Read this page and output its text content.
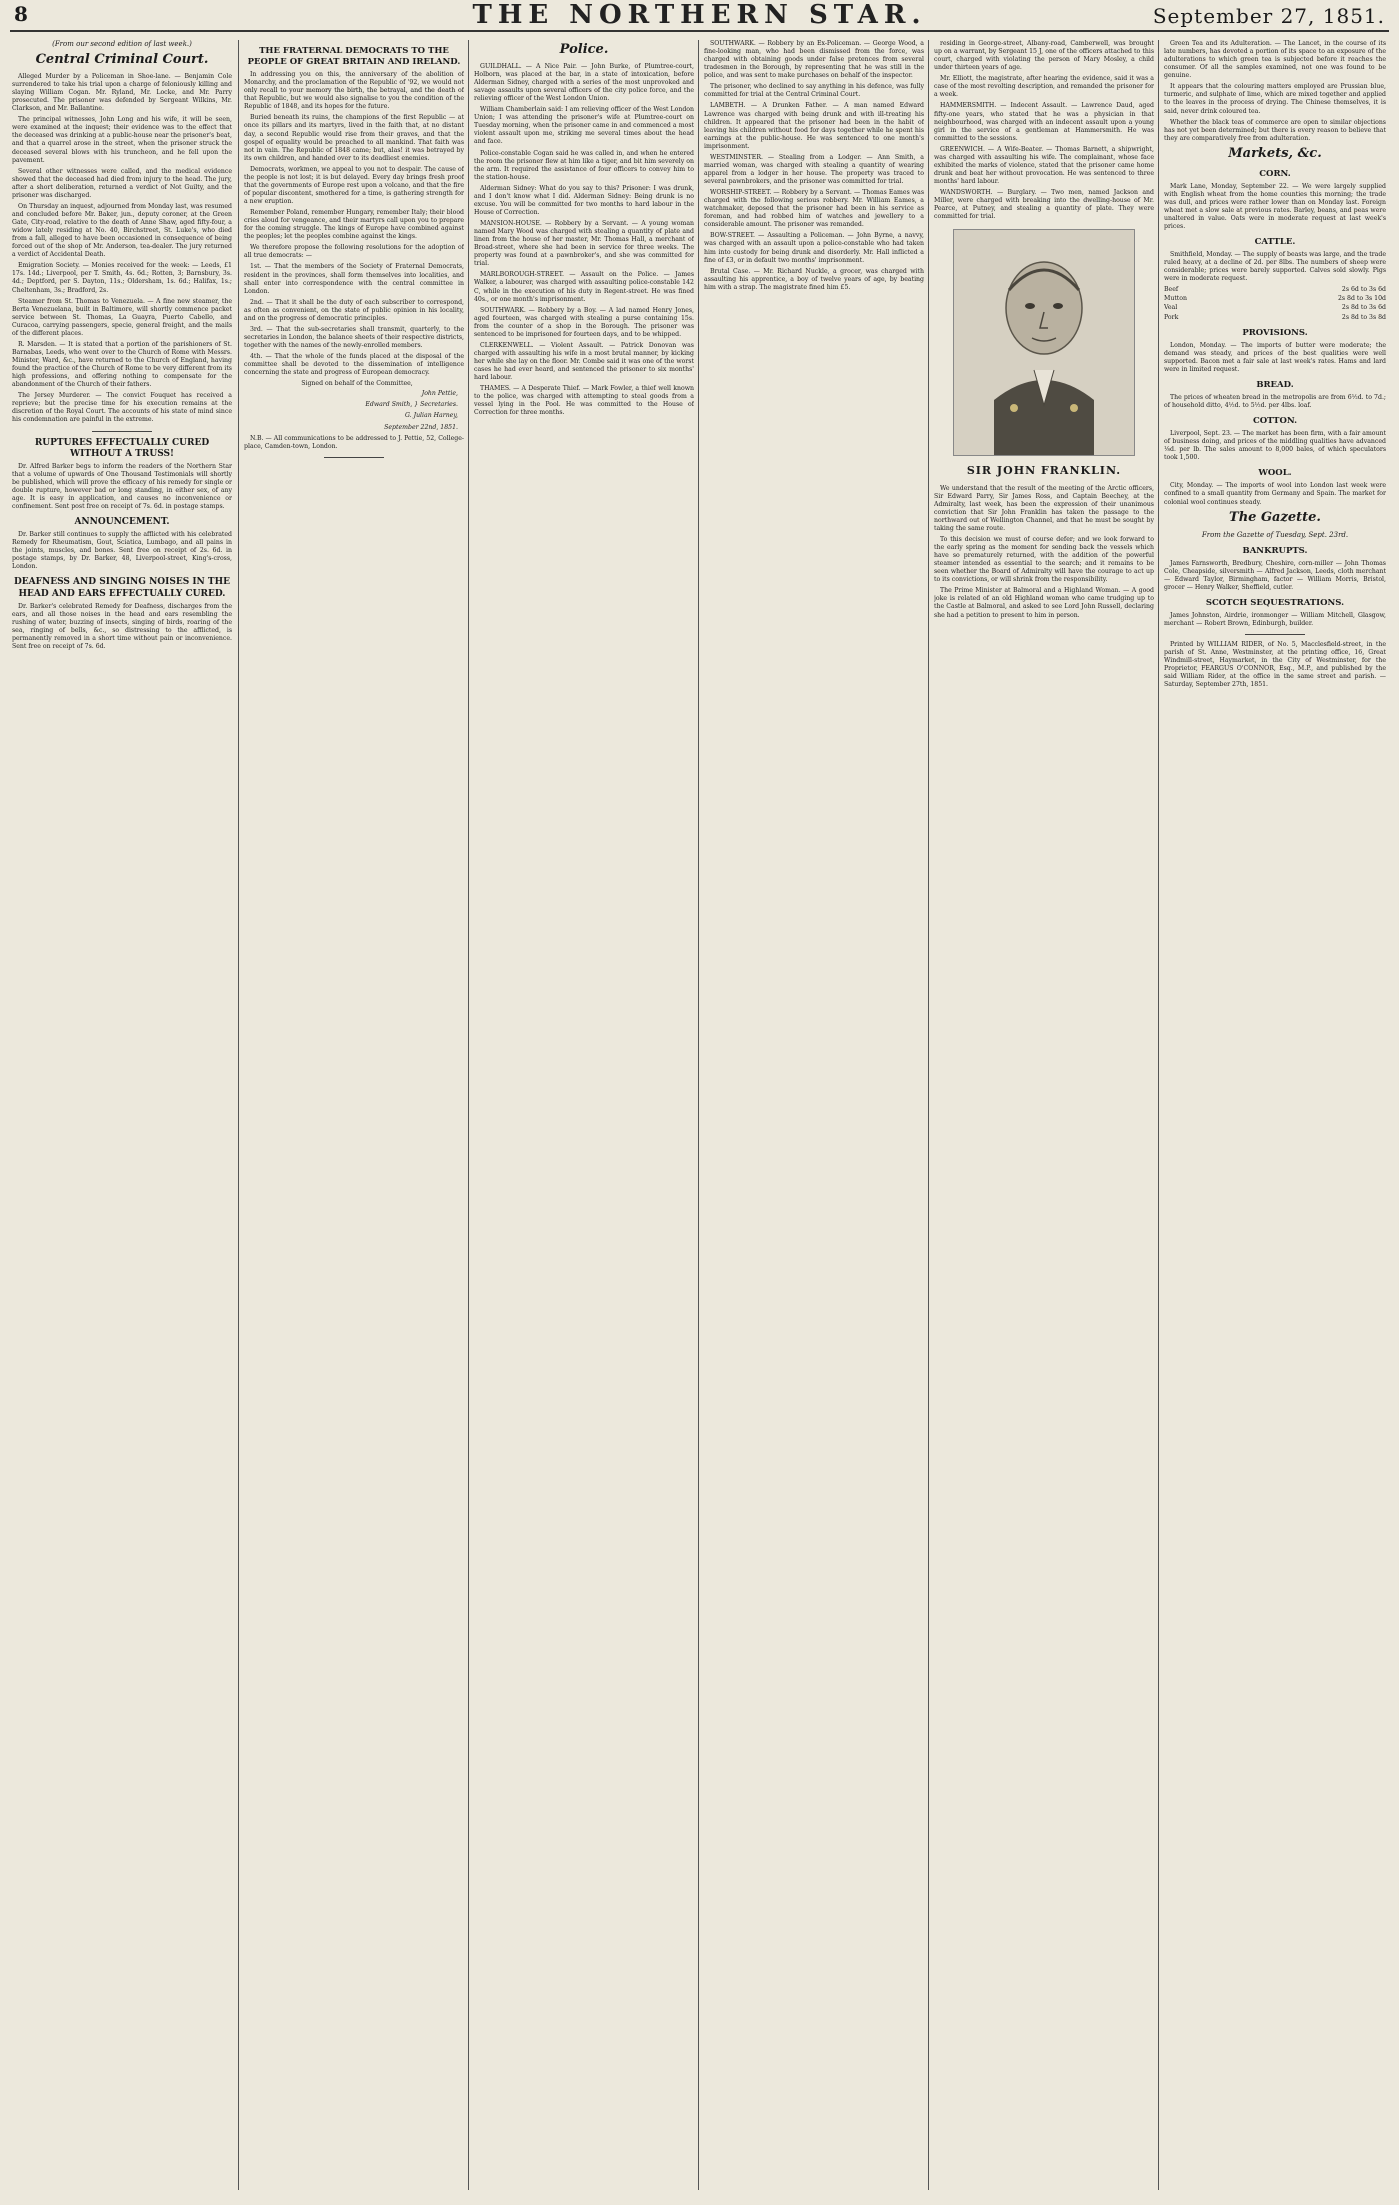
8	THE NORTHERN STAR.	September 27, 1851.
(From our second edition of last week.)
Central Criminal Court.

Alleged Murder by a Policeman in Shoe-lane. — Benjamin Cole surrendered to take his trial upon a charge of feloniously killing and slaying William Cogan. Mr. Ryland, Mr. Locke, and Mr. Parry prosecuted. The prisoner was defended by Sergeant Wilkins, Mr. Clarkson, and Mr. Ballantine.

The principal witnesses, John Long and his wife, it will be seen, were examined at the inquest; their evidence was to the effect that the deceased was drinking at a public-house near the prisoner's beat, and that a quarrel arose in the street, when the prisoner struck the deceased several blows with his truncheon, and he fell upon the pavement.

Several other witnesses were called, and the medical evidence showed that the deceased had died from injury to the head. The jury, after a short deliberation, returned a verdict of Not Guilty, and the prisoner was discharged.

On Thursday an inquest, adjourned from Monday last, was resumed and concluded before Mr. Baker, jun., deputy coroner, at the Green Gate, City-road, relative to the death of Anne Shaw, aged fifty-four, a widow lately residing at No. 40, Birchstreet, St. Luke's, who died from a fall, alleged to have been occasioned in consequence of being forced out of the shop of Mr. Anderson, tea-dealer. The jury returned a verdict of Accidental Death.

Emigration Society. — Monies received for the week: — Leeds, £1 17s. 14d.; Liverpool, per T. Smith, 4s. 6d.; Rotten, 3; Barnsbury, 3s. 4d.; Deptford, per S. Dayton, 11s.; Oldersham, 1s. 6d.; Halifax, 1s.; Cheltenham, 3s.; Bradford, 2s.

Steamer from St. Thomas to Venezuela. — A fine new steamer, the Berta Venezuelana, built in Baltimore, will shortly commence packet service between St. Thomas, La Guayra, Puerto Cabello, and Curacoa, carrying passengers, specie, general freight, and the mails of the different places.

R. Marsden. — It is stated that a portion of the parishioners of St. Barnabas, Leeds, who went over to the Church of Rome with Messrs. Minister, Ward, &c., have returned to the Church of England, having found the practice of the Church of Rome to be very different from its high professions, and offering nothing to compensate for the abandonment of the Church of their fathers.

The Jersey Murderer. — The convict Fouquet has received a reprieve; but the precise time for his execution remains at the discretion of the Royal Court. The accounts of his state of mind since his condemnation are painful in the extreme.

RUPTURES EFFECTUALLY CURED WITHOUT A TRUSS!

Dr. Alfred Barker begs to inform the readers of the Northern Star that a volume of upwards of One Thousand Testimonials will shortly be published, which will prove the efficacy of his remedy for single or double rupture, however bad or long standing, in either sex, of any age. It is easy in application, and causes no inconvenience or confinement. Sent post free on receipt of 7s. 6d. in postage stamps.

ANNOUNCEMENT.

Dr. Barker still continues to supply the afflicted with his celebrated Remedy for Rheumatism, Gout, Sciatica, Lumbago, and all pains in the joints, muscles, and bones. Sent free on receipt of 2s. 6d. in postage stamps, by Dr. Barker, 48, Liverpool-street, King's-cross, London.

DEAFNESS AND SINGING NOISES IN THE HEAD AND EARS EFFECTUALLY CURED.

Dr. Barker's celebrated Remedy for Deafness, discharges from the ears, and all those noises in the head and ears resembling the rushing of water, buzzing of insects, singing of birds, roaring of the sea, ringing of bells, &c., so distressing to the afflicted, is permanently removed in a short time without pain or inconvenience. Sent free on receipt of 7s. 6d.

THE FRATERNAL DEMOCRATS TO THE PEOPLE OF GREAT BRITAIN AND IRELAND.

In addressing you on this, the anniversary of the abolition of Monarchy, and the proclamation of the Republic of '92, we would not only recall to your memory the birth, the betrayal, and the death of that Republic, but we would also signalise to you the condition of the Republic of 1848, and its hopes for the future.

Buried beneath its ruins, the champions of the first Republic — at once its pillars and its martyrs, lived in the faith that, at no distant day, a second Republic would rise from their graves, and that the gospel of equality would be preached to all mankind. That faith was not in vain. The Republic of 1848 came; but, alas! it was betrayed by its own children, and handed over to its deadliest enemies.

Democrats, workmen, we appeal to you not to despair. The cause of the people is not lost; it is but delayed. Every day brings fresh proof that the governments of Europe rest upon a volcano, and that the fire of popular discontent, smothered for a time, is gathering strength for a new eruption.

Remember Poland, remember Hungary, remember Italy; their blood cries aloud for vengeance, and their martyrs call upon you to prepare for the coming struggle. The kings of Europe have combined against the peoples; let the peoples combine against the kings.

We therefore propose the following resolutions for the adoption of all true democrats: —

1st. — That the members of the Society of Fraternal Democrats, resident in the provinces, shall form themselves into localities, and shall enter into correspondence with the central committee in London.

2nd. — That it shall be the duty of each subscriber to correspond, as often as convenient, on the state of public opinion in his locality, and on the progress of democratic principles.

3rd. — That the sub-secretaries shall transmit, quarterly, to the secretaries in London, the balance sheets of their respective districts, together with the names of the newly-enrolled members.

4th. — That the whole of the funds placed at the disposal of the committee shall be devoted to the dissemination of intelligence concerning the state and progress of European democracy.

Signed on behalf of the Committee,

John Pettie,
Edward Smith, } Secretaries.
G. Julian Harney,
September 22nd, 1851.

N.B. — All communications to be addressed to J. Pettie, 52, College-place, Camden-town, London.

Police.

GUILDHALL. — A Nice Pair. — John Burke, of Plumtree-court, Holborn, was placed at the bar, in a state of intoxication, before Alderman Sidney, charged with a series of the most unprovoked and savage assaults upon several officers of the city police force, and the relieving officer of the West London Union.

William Chamberlain said: I am relieving officer of the West London Union; I was attending the prisoner's wife at Plumtree-court on Tuesday morning, when the prisoner came in and commenced a most violent assault upon me, striking me several times about the head and face.

Police-constable Cogan said he was called in, and when he entered the room the prisoner flew at him like a tiger, and bit him severely on the arm. It required the assistance of four officers to convey him to the station-house.

Alderman Sidney: What do you say to this? Prisoner: I was drunk, and I don't know what I did. Alderman Sidney: Being drunk is no excuse. You will be committed for two months to hard labour in the House of Correction.

MANSION-HOUSE. — Robbery by a Servant. — A young woman named Mary Wood was charged with stealing a quantity of plate and linen from the house of her master, Mr. Thomas Hall, a merchant of Broad-street, where she had been in service for three weeks. The property was found at a pawnbroker's, and she was committed for trial.

MARLBOROUGH-STREET. — Assault on the Police. — James Walker, a labourer, was charged with assaulting police-constable 142 C, while in the execution of his duty in Regent-street. He was fined 40s., or one month's imprisonment.

SOUTHWARK. — Robbery by a Boy. — A lad named Henry Jones, aged fourteen, was charged with stealing a purse containing 15s. from the counter of a shop in the Borough. The prisoner was sentenced to be imprisoned for fourteen days, and to be whipped.

CLERKENWELL. — Violent Assault. — Patrick Donovan was charged with assaulting his wife in a most brutal manner, by kicking her while she lay on the floor. Mr. Combe said it was one of the worst cases he had ever heard, and sentenced the prisoner to six months' hard labour.

THAMES. — A Desperate Thief. — Mark Fowler, a thief well known to the police, was charged with attempting to steal goods from a vessel lying in the Pool. He was committed to the House of Correction for three months.

SOUTHWARK. — Robbery by an Ex-Policeman. — George Wood, a fine-looking man, who had been dismissed from the force, was charged with obtaining goods under false pretences from several tradesmen in the Borough, by representing that he was still in the police, and was sent to make purchases on behalf of the inspector.

The prisoner, who declined to say anything in his defence, was fully committed for trial at the Central Criminal Court.

LAMBETH. — A Drunken Father. — A man named Edward Lawrence was charged with being drunk and with ill-treating his children. It appeared that the prisoner had been in the habit of leaving his children without food for days together while he spent his earnings at the public-house. He was sentenced to one month's imprisonment.

WESTMINSTER. — Stealing from a Lodger. — Ann Smith, a married woman, was charged with stealing a quantity of wearing apparel from a lodger in her house. The property was traced to several pawnbrokers, and the prisoner was committed for trial.

WORSHIP-STREET. — Robbery by a Servant. — Thomas Eames was charged with the following serious robbery. Mr. William Eames, a watchmaker, deposed that the prisoner had been in his service as foreman, and had robbed him of watches and jewellery to a considerable amount. The prisoner was remanded.

BOW-STREET. — Assaulting a Policeman. — John Byrne, a navvy, was charged with an assault upon a police-constable who had taken him into custody for being drunk and disorderly. Mr. Hall inflicted a fine of £3, or in default two months' imprisonment.

Brutal Case. — Mr. Richard Nuckle, a grocer, was charged with assaulting his apprentice, a boy of twelve years of age, by beating him with a strap. The magistrate fined him £5.

residing in George-street, Albany-road, Camberwell, was brought up on a warrant, by Sergeant 15 J, one of the officers attached to this court, charged with violating the person of Mary Mosley, a child under thirteen years of age.

Mr. Elliott, the magistrate, after hearing the evidence, said it was a case of the most revolting description, and remanded the prisoner for a week.

HAMMERSMITH. — Indecent Assault. — Lawrence Daud, aged fifty-one years, who stated that he was a physician in that neighbourhood, was charged with an indecent assault upon a young girl in the service of a gentleman at Hammersmith. He was committed to the sessions.

GREENWICH. — A Wife-Beater. — Thomas Barnett, a shipwright, was charged with assaulting his wife. The complainant, whose face exhibited the marks of violence, stated that the prisoner came home drunk and beat her without provocation. He was sentenced to three months' hard labour.

WANDSWORTH. — Burglary. — Two men, named Jackson and Miller, were charged with breaking into the dwelling-house of Mr. Pearce, at Putney, and stealing a quantity of plate. They were committed for trial.

SIR JOHN FRANKLIN.

We understand that the result of the meeting of the Arctic officers, Sir Edward Parry, Sir James Ross, and Captain Beechey, at the Admiralty, last week, has been the expression of their unanimous conviction that Sir John Franklin has taken the passage to the northward out of Wellington Channel, and that he must be sought by taking the same route.

To this decision we must of course defer; and we look forward to the early spring as the moment for sending back the vessels which have so prematurely returned, with the addition of the powerful steamer intended as essential to the search; and it remains to be seen whether the Board of Admiralty will have the courage to act up to its convictions, or will shrink from the responsibility.

The Prime Minister at Balmoral and a Highland Woman. — A good joke is related of an old Highland woman who came trudging up to the Castle at Balmoral, and asked to see Lord John Russell, declaring she had a petition to present to him in person.

Green Tea and its Adulteration. — The Lancet, in the course of its late numbers, has devoted a portion of its space to an exposure of the adulterations to which green tea is subjected before it reaches the consumer. Of all the samples examined, not one was found to be genuine.

It appears that the colouring matters employed are Prussian blue, turmeric, and sulphate of lime, which are mixed together and applied to the leaves in the process of drying. The Chinese themselves, it is said, never drink coloured tea.

Whether the black teas of commerce are open to similar objections has not yet been determined; but there is every reason to believe that they are comparatively free from adulteration.

Markets, &c.
CORN.

Mark Lane, Monday, September 22. — We were largely supplied with English wheat from the home counties this morning; the trade was dull, and prices were rather lower than on Monday last. Foreign wheat met a slow sale at previous rates. Barley, beans, and peas were unaltered in value. Oats were in moderate request at last week's prices.

CATTLE.

Smithfield, Monday. — The supply of beasts was large, and the trade ruled heavy, at a decline of 2d. per 8lbs. The numbers of sheep were considerable; prices were barely supported. Calves sold slowly. Pigs were in moderate request.

Beef	2s 6d to 3s 6d
Mutton	2s 8d to 3s 10d
Veal	2s 8d to 3s 6d
Pork	2s 8d to 3s 8d
PROVISIONS.

London, Monday. — The imports of butter were moderate; the demand was steady, and prices of the best qualities were well supported. Bacon met a fair sale at last week's rates. Hams and lard were in limited request.

BREAD.

The prices of wheaten bread in the metropolis are from 6½d. to 7d.; of household ditto, 4½d. to 5½d. per 4lbs. loaf.

COTTON.

Liverpool, Sept. 23. — The market has been firm, with a fair amount of business doing, and prices of the middling qualities have advanced ⅛d. per lb. The sales amount to 8,000 bales, of which speculators took 1,500.

WOOL.

City, Monday. — The imports of wool into London last week were confined to a small quantity from Germany and Spain. The market for colonial wool continues steady.

The Gazette.
From the Gazette of Tuesday, Sept. 23rd.
BANKRUPTS.

James Farnsworth, Bredbury, Cheshire, corn-miller — John Thomas Cole, Cheapside, silversmith — Alfred Jackson, Leeds, cloth merchant — Edward Taylor, Birmingham, factor — William Morris, Bristol, grocer — Henry Walker, Sheffield, cutler.

SCOTCH SEQUESTRATIONS.

James Johnston, Airdrie, ironmonger — William Mitchell, Glasgow, merchant — Robert Brown, Edinburgh, builder.

Printed by WILLIAM RIDER, of No. 5, Macclesfield-street, in the parish of St. Anne, Westminster, at the printing office, 16, Great Windmill-street, Haymarket, in the City of Westminster, for the Proprietor, FEARGUS O'CONNOR, Esq., M.P., and published by the said William Rider, at the office in the same street and parish. — Saturday, September 27th, 1851.
